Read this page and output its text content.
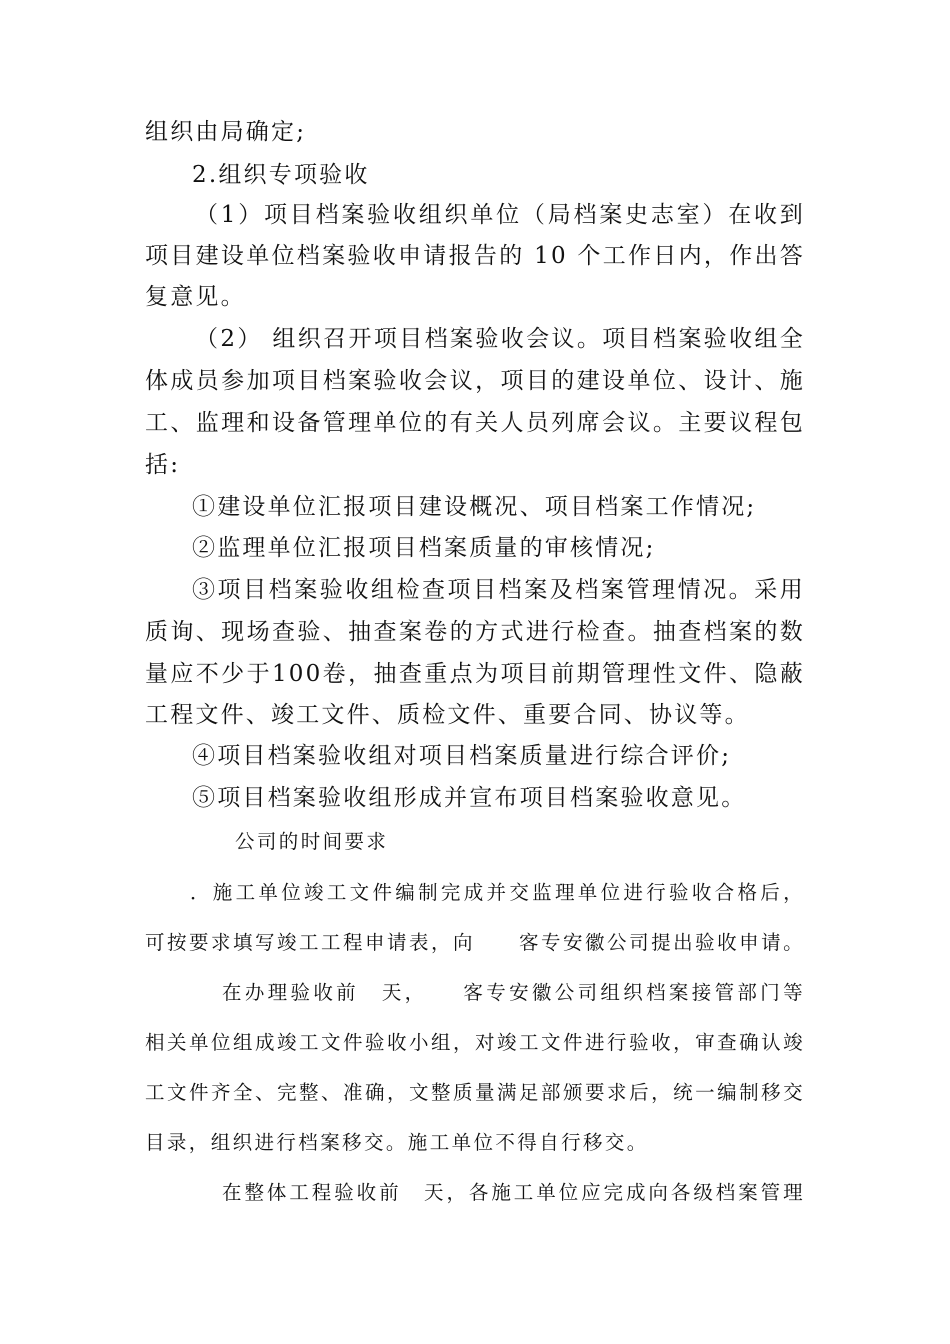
组织由局确定;
2.组织专项验收
（1）项目档案验收组织单位（局档案史志室）在收到
项目建设单位档案验收申请报告的 10 个工作日内，作出答
复意见。
（2） 组织召开项目档案验收会议。项目档案验收组全
体成员参加项目档案验收会议，项目的建设单位、设计、施
工、监理和设备管理单位的有关人员列席会议。主要议程包
括:
①建设单位汇报项目建设概况、项目档案工作情况;
②监理单位汇报项目档案质量的审核情况;
③项目档案验收组检查项目档案及档案管理情况。采用
质询、现场查验、抽查案卷的方式进行检查。抽查档案的数
量应不少于100卷，抽查重点为项目前期管理性文件、隐蔽
工程文件、竣工文件、质检文件、重要合同、协议等。
④项目档案验收组对项目档案质量进行综合评价;
⑤项目档案验收组形成并宣布项目档案验收意见。
公司的时间要求
．施工单位竣工文件编制完成并交监理单位进行验收合格后，
可按要求填写竣工工程申请表，向　　客专安徽公司提出验收申请。
在办理验收前　天，　　客专安徽公司组织档案接管部门等
相关单位组成竣工文件验收小组，对竣工文件进行验收，审查确认竣
工文件齐全、完整、准确，文整质量满足部颁要求后，统一编制移交
目录，组织进行档案移交。施工单位不得自行移交。
在整体工程验收前　天，各施工单位应完成向各级档案管理
